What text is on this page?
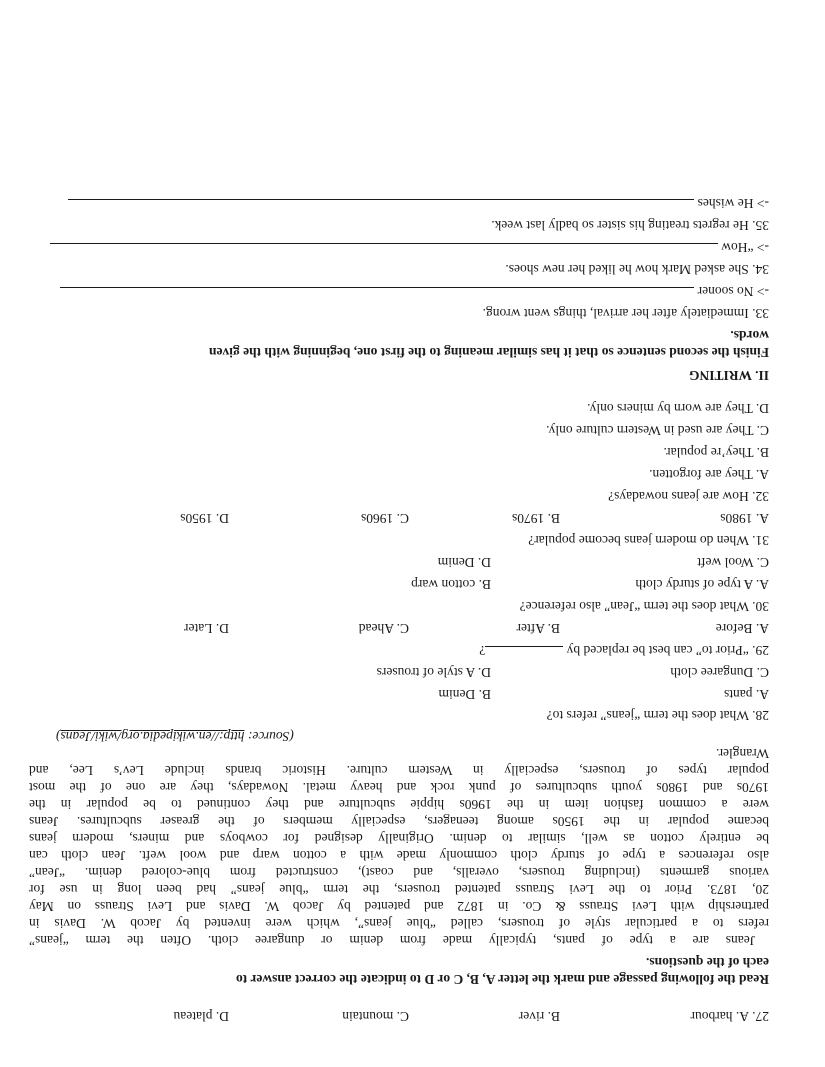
27.
A. harbour
B. river
C. mountain
D. plateau
Read the following passage and mark the letter A, B, C or D to indicate the correct answer to
each of the questions.
Jeans are a type of pants, typically made from denim or dungaree cloth. Often the term “jeans”
refers to a particular style of trousers, called “blue jeans”, which were invented by Jacob W. Davis in
partnership with Levi Strauss & Co. in 1872 and patented by Jacob W. Davis and Levi Strauss on May
20, 1873. Prior to the Levi Strauss patented trousers, the term “blue jeans” had been long in use for
various garments (including trousers, overalls, and coast), constructed from blue-colored denim. “Jean”
also references a type of sturdy cloth commonly made with a cotton warp and wool weft. Jean cloth can
be entirely cotton as well, similar to denim. Originally designed for cowboys and miners, modern jeans
became popular in the 1950s among teenagers, especially members of the greaser subcultures. Jeans
were a common fashion item in the 1960s hippie subculture and they continued to be popular in the
1970s and 1980s youth subcultures of punk rock and heavy metal. Nowadays, they are one of the most
popular types of trousers, especially in Western culture. Historic brands include Lev’s Lee, and
Wrangler.
(Source: http://en.wikipedia.org/wiki/Jeans)
28. What does the term “jeans” refers to?
A. pants
B. Denim
C. Dungaree cloth
D. A style of trousers
29. “Prior to” can best be replaced by ?
A. Before
B. After
C. Ahead
D. Later
30. What does the term “Jean” also reference?
A. A type of sturdy cloth
B. cotton warp
C. Wool weft
D. Denim
31. When do modern jeans become popular?
A. 1980s
B. 1970s
C. 1960s
D. 1950s
32. How are jeans nowadays?
A. They are forgotten.
B. They’re popular.
C. They are used in Western culture only.
D. They are worn by miners only.
II. WRITING
Finish the second sentence so that it has similar meaning to the first one, beginning with the given
words.
33. Immediately after her arrival, things went wrong.
-> No sooner
34. She asked Mark how he liked her new shoes.
-> “How
35. He regrets treating his sister so badly last week.
-> He wishes
